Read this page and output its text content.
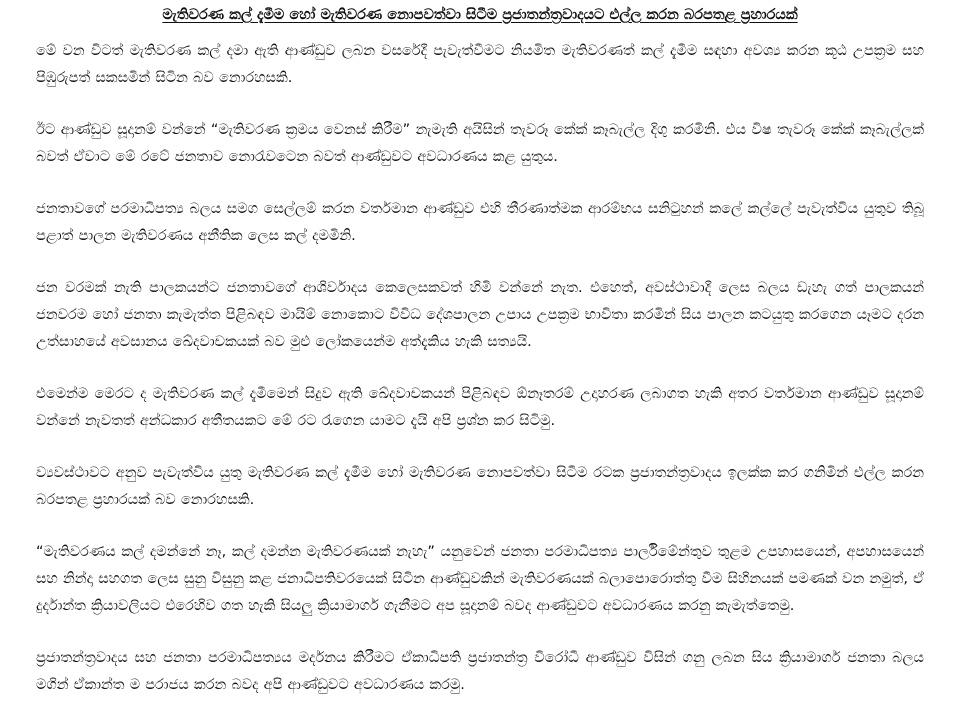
මැතිවරණ කල් දැමීම හෝ මැතිවරණ නොපවත්වා සිටීම ප්‍රජාතන්ත්‍රවාදයට එල්ල කරන බරපතළ ප්‍රහාරයක්

මේ වන විටත් මැතිවරණ කල් දමා ඇති ආණ්ඩුව ලබන වසරේදී පැවැත්වීමට නියමිත මැතිවරණත් කල් දැමීම සඳහා අවශ්‍ය කරන කූඨ උපක්‍රම සහ පිඹුරුපත් සකසමින් සිටින බව නොරහසකි.

ඊට ආණ්ඩුව සූදානම් වන්නේ “මැතිවරණ ක්‍රමය වෙනස් කිරීම” නැමැති අයිසින් තැවරූ කේක් කෑබැල්ල දිගු කරමිනි. එය විෂ තැවරූ කේක් කෑබැල්ලක් බවත් ඒවාට මේ රටේ ජනතාව නොරැවටෙන බවත් ආණ්ඩුවට අවධාරණය කළ යුතුය.

ජනතාවගේ පරමාධිපත්‍ය බලය සමග සෙල්ලම් කරන වර්තමාන ආණ්ඩුව එහි තීරණාත්මක ආරම්භය සනිටුහන් කලේ කල්ලේ පැවැත්විය යුතුව තිබූ පළාත් පාලන මැතිවරණය අනීතික ලෙස කල් දමමිනි.

ජන වරමක් නැති පාලකයන්ට ජනතාවගේ ආශිර්වාදය කෙලෙසකවත් හිමි වන්නේ නැත. එහෙත්, අවස්ථාවාදී ලෙස බලය ඩැහැ ගත් පාලකයන් ජනවරම හෝ ජනතා කැමැත්ත පිළිබඳව මායිම් නොකොට විවිධ දේශපාලන උපාය උපක්‍රම භාවිතා කරමින් සිය පාලන කටයුතු කරගෙන යෑමට දරන උත්සාහයේ අවසානය ඛේදවාචකයක් බව මුළු ලෝකයෙන්ම අත්දැකිය හැකි සත්‍යයි.

එමෙන්ම මෙරට ද මැතිවරණ කල් දැමීමෙන් සිදුව ඇති ඛේදවාචකයන් පිළිබඳව ඕනෑතරම් උදාහරණ ලබාගත හැකි අතර වර්තමාන ආණ්ඩුව සූදානම් වන්නේ නැවතත් අන්ධකාර අතීතයකට මේ රට රැගෙන යාමට දැයි අපි ප්‍රශ්න කර සිටිමු.

ව්‍යවස්ථාවට අනුව පැවැත්විය යුතු මැතිවරණ කල් දැමීම හෝ මැතිවරණ නොපවත්වා සිටීම රටක ප්‍රජාතන්ත්‍රවාදය ඉලක්ක කර ගනිමින් එල්ල කරන බරපතළ ප්‍රහාරයක් බව නොරහසකි.

“මැතිවරණය කල් දමන්නේ නෑ, කල් දමන්න මැතිවරණයක් නැහැ” යනුවෙන් ජනතා පරමාධිපත්‍ය පාර්ලිමේන්තුව තුළම උපහාසයෙන්, අපහාසයෙන් සහ නින්දා සහගත ලෙස සුනු විසුනු කළ ජනාධිපතිවරයෙක් සිටින ආණ්ඩුවකින් මැතිවරණයක් බලාපොරොත්තු වීම සිහිනයක් පමණක් වන නමුත්, ඒ දුර්දාන්ත ක්‍රියාවලියට එරෙහිව ගත හැකි සියලු ක්‍රියාමාර්ග ගැනීමට අප සූදානම් බවද ආණ්ඩුවට අවධාරණය කරනු කැමැත්තෙමු.

ප්‍රජාතන්ත්‍රවාදය සහ ජනතා පරමාධිපත්‍යය මර්දනය කිරීමට ඒකාධිපති ප්‍රජාතන්ත්‍ර විරෝධී ආණ්ඩුව විසින් ගනු ලබන සිය ක්‍රියාමාර්ග ජනතා බලය මගින් ඒකාන්ත ම පරාජය කරන බවද අපි ආණ්ඩුවට අවධාරණය කරමු.
